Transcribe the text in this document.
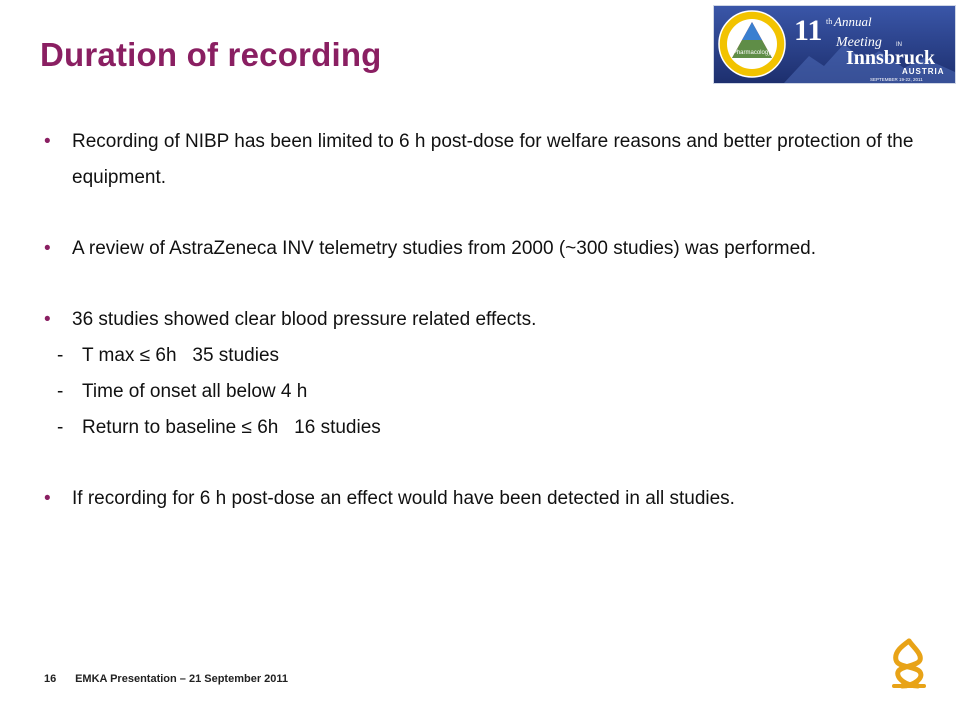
Duration of recording	Pharmacology
11 th Annual
Meeting IN
Innsbruck
AUSTRIA
SEPTEMBER 19-22, 2011

• Recording of NIBP has been limited to 6 h post-dose for welfare reasons and better protection of the equipment.

• A review of AstraZeneca INV telemetry studies from 2000 (~300 studies) was performed.

• 36 studies showed clear blood pressure related effects.

- T max ≤ 6h   35 studies

- Time of onset all below 4 h

- Return to baseline ≤ 6h   16 studies

• If recording for 6 h post-dose an effect would have been detected in all studies.

16 EMKA Presentation – 21 September 2011
